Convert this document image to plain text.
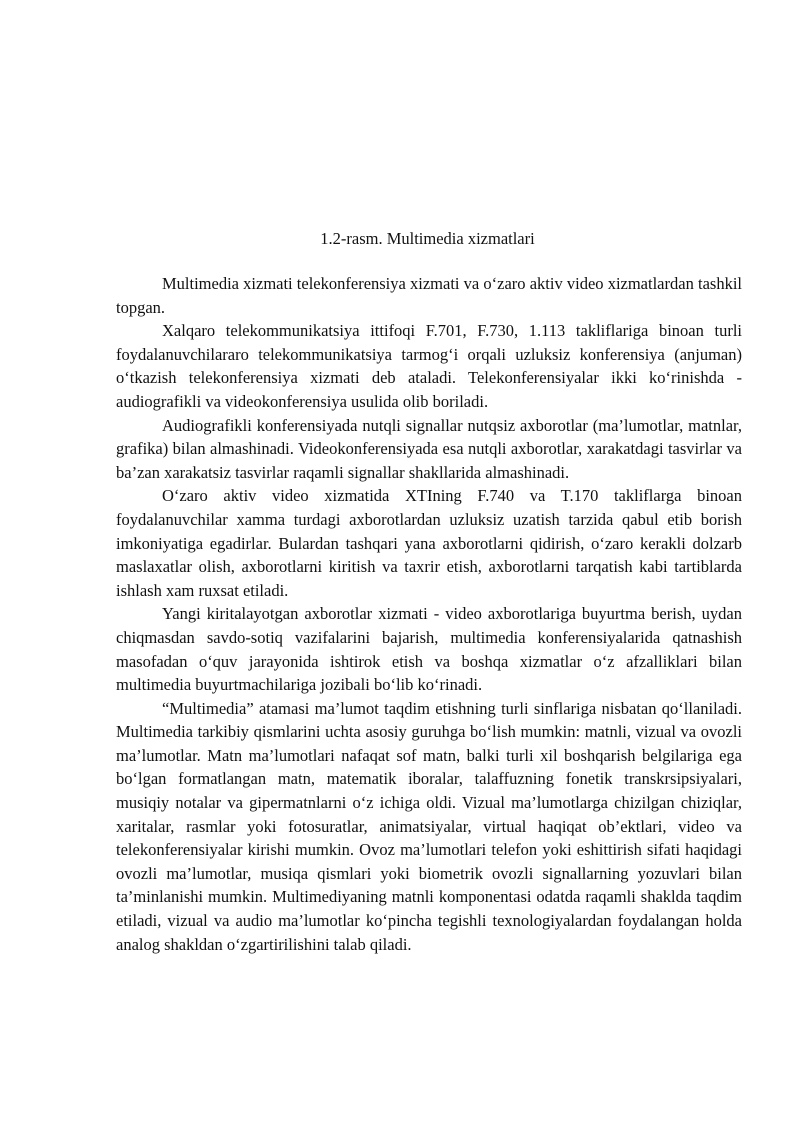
1.2-rasm. Multimedia xizmatlari

Multimedia xizmati telekonferensiya xizmati va o‘zaro aktiv video xizmatlardan tashkil topgan.

Xalqaro telekommunikatsiya ittifoqi F.701, F.730, 1.113 takliflariga binoan turli foydalanuvchilararo telekommunikatsiya tarmog‘i orqali uzluksiz konferensiya (anjuman) o‘tkazish telekonferensiya xizmati deb ataladi. Telekonferensiyalar ikki ko‘rinishda - audiografikli va videokonferensiya usulida olib boriladi.

Audiografikli konferensiyada nutqli signallar nutqsiz axborotlar (ma’lumotlar, matnlar, grafika) bilan almashinadi. Videokonferensiyada esa nutqli axborotlar, xarakatdagi tasvirlar va ba’zan xarakatsiz tasvirlar raqamli signallar shakllarida almashinadi.

O‘zaro aktiv video xizmatida XTIning F.740 va T.170 takliflarga binoan foydalanuvchilar xamma turdagi axborotlardan uzluksiz uzatish tarzida qabul etib borish imkoniyatiga egadirlar. Bulardan tashqari yana axborotlarni qidirish, o‘zaro kerakli dolzarb maslaxatlar olish, axborotlarni kiritish va taxrir etish, axborotlarni tarqatish kabi tartiblarda ishlash xam ruxsat etiladi.

Yangi kiritalayotgan axborotlar xizmati - video axborotlariga buyurtma berish, uydan chiqmasdan savdo-sotiq vazifalarini bajarish, multimedia konferensiyalarida qatnashish masofadan o‘quv jarayonida ishtirok etish va boshqa xizmatlar o‘z afzalliklari bilan multimedia buyurtmachilariga jozibali bo‘lib ko‘rinadi.

“Multimedia” atamasi ma’lumot taqdim etishning turli sinflariga nisbatan qo‘llaniladi. Multimedia tarkibiy qismlarini uchta asosiy guruhga bo‘lish mumkin: matnli, vizual va ovozli ma’lumotlar. Matn ma’lumotlari nafaqat sof matn, balki turli xil boshqarish belgilariga ega bo‘lgan formatlangan matn, matematik iboralar, talaffuzning fonetik transkrsipsiyalari, musiqiy notalar va gipermatnlarni o‘z ichiga oldi. Vizual ma’lumotlarga chizilgan chiziqlar, xaritalar, rasmlar yoki fotosuratlar, animatsiyalar, virtual haqiqat ob’ektlari, video va telekonferensiyalar kirishi mumkin. Ovoz ma’lumotlari telefon yoki eshittirish sifati haqidagi ovozli ma’lumotlar, musiqa qismlari yoki biometrik ovozli signallarning yozuvlari bilan ta’minlanishi mumkin. Multimediyaning matnli komponentasi odatda raqamli shaklda taqdim etiladi, vizual va audio ma’lumotlar ko‘pincha tegishli texnologiyalardan foydalangan holda analog shakldan o‘zgartirilishini talab qiladi.
